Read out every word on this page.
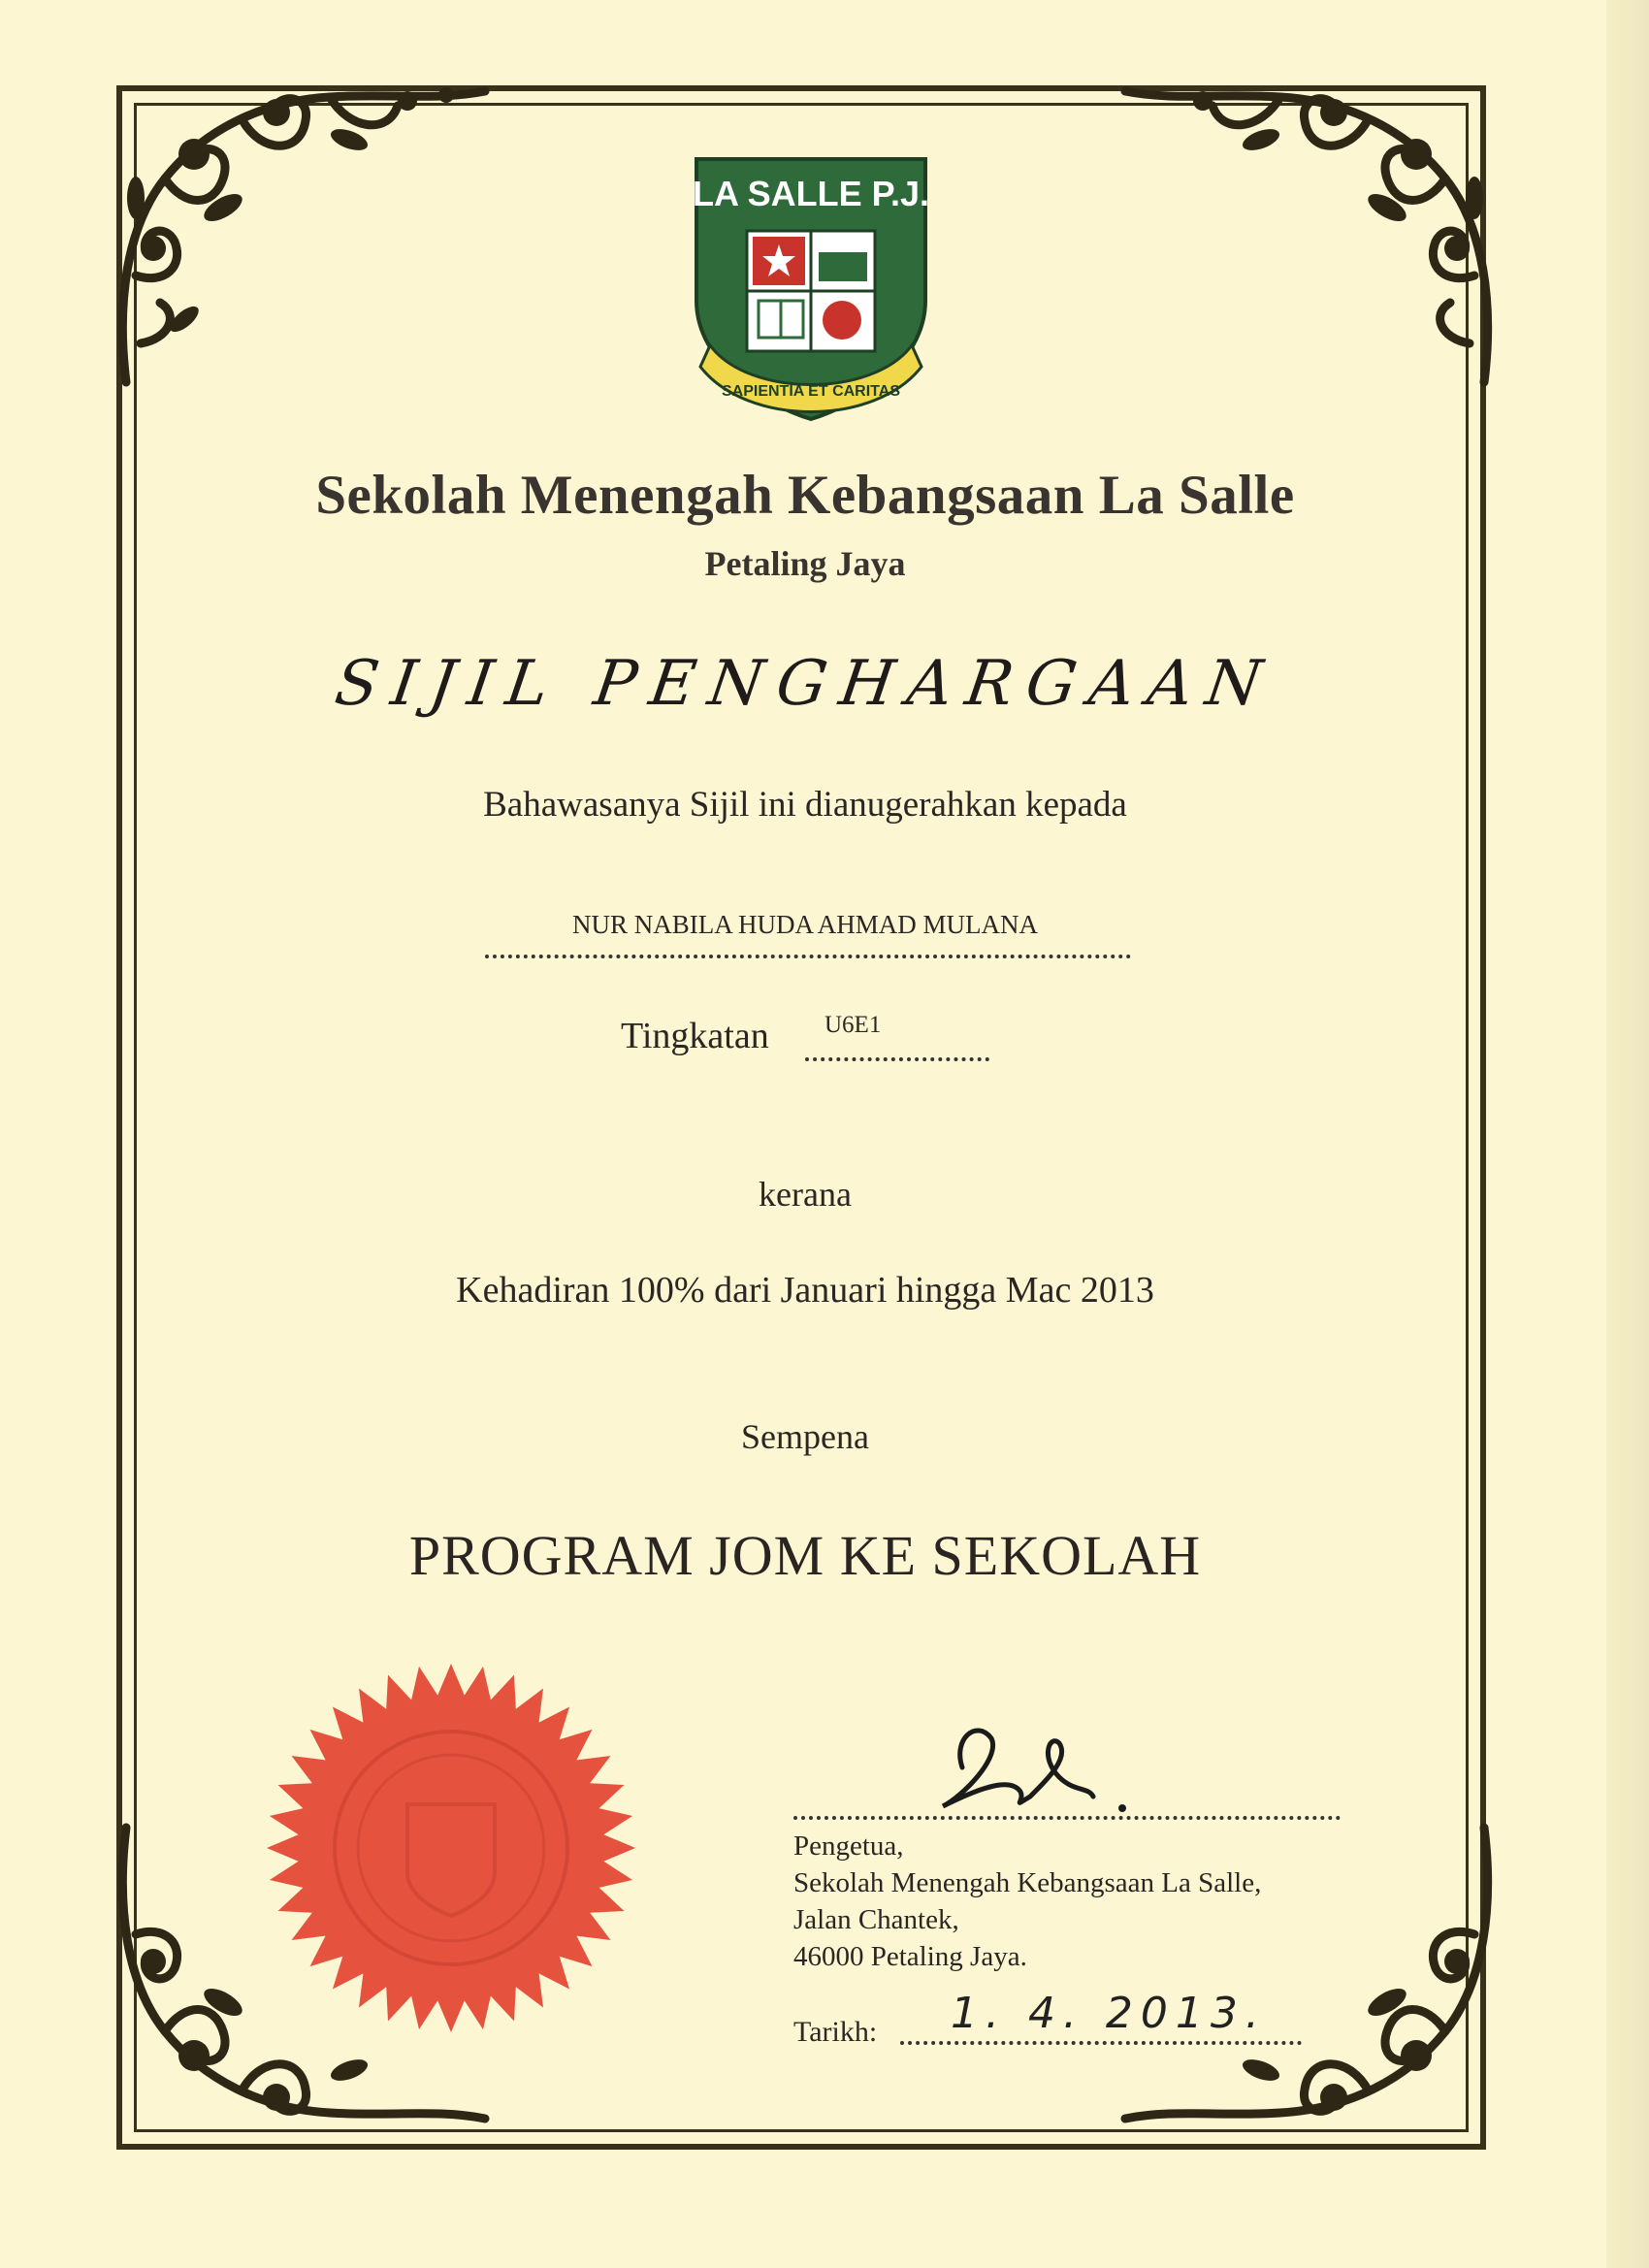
LA SALLE P.J.
SAPIENTIA ET CARITAS
Sekolah Menengah Kebangsaan La Salle
Petaling Jaya
SIJIL PENGHARGAAN
Bahawasanya Sijil ini dianugerahkan kepada
NUR NABILA HUDA AHMAD MULANA
Tingkatan U6E1
kerana
Kehadiran 100% dari Januari hingga Mac 2013
Sempena
PROGRAM JOM KE SEKOLAH
Pengetua,
Sekolah Menengah Kebangsaan La Salle,
Jalan Chantek,
46000 Petaling Jaya.
Tarikh: 1. 4. 2013.
